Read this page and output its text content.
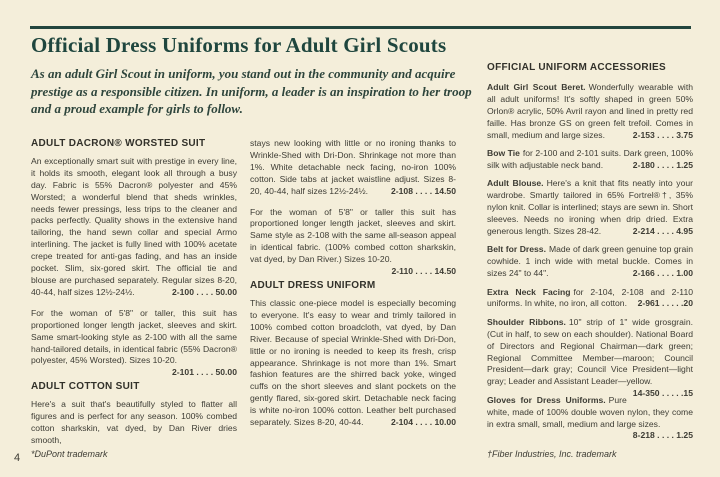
Official Dress Uniforms for Adult Girl Scouts

As an adult Girl Scout in uniform, you stand out in the community and acquire prestige as a responsible citizen. In uniform, a leader is an inspiration to her troop and a proud example for girls to follow.

ADULT DACRON® WORSTED SUIT

An exceptionally smart suit with prestige in every line, it holds its smooth, elegant look all through a busy day. Fabric is 55% Dacron® polyester and 45% Worsted; a wonderful blend that sheds wrinkles, needs fewer pressings, less trips to the cleaner and packs perfectly. Quality shows in the extensive hand tailoring, the hand sewn collar and special Armo interlining. The jacket is fully lined with 100% acetate crepe treated for anti-gas fading, and has an inside pocket. Slim, six-gored skirt. The official tie and blouse are purchased separately. Regular sizes 8-20, 40-44, half sizes 12½-24½.	2-100 . . . . 50.00

For the woman of 5'8" or taller, this suit has proportioned longer length jacket, sleeves and skirt. Same smart-looking style as 2-100 with all the same hand-tailored details, in identical fabric (55% Dacron® polyester, 45% Worsted). Sizes 10-20.
2-101 . . . . 50.00

ADULT COTTON SUIT

Here's a suit that's beautifully styled to flatter all figures and is perfect for any season. 100% combed cotton sharkskin, vat dyed, by Dan River dries smooth,

stays new looking with little or no ironing thanks to Wrinkle-Shed with Dri-Don. Shrinkage not more than 1%. White detachable neck facing, no-iron 100% cotton. Side tabs at jacket waistline adjust. Sizes 8-20, 40-44, half sizes 12½-24½.	2-108 . . . . 14.50

For the woman of 5'8" or taller this suit has proportioned longer length jacket, sleeves and skirt. Same style as 2-108 with the same all-season appeal in identical fabric. (100% combed cotton sharkskin, vat dyed, by Dan River.) Sizes 10-20.
2-110 . . . . 14.50

ADULT DRESS UNIFORM

This classic one-piece model is especially becoming to everyone. It's easy to wear and trimly tailored in 100% combed cotton broadcloth, vat dyed, by Dan River. Because of special Wrinkle-Shed with Dri-Don, little or no ironing is needed to keep its fresh, crisp appearance. Shrinkage is not more than 1%. Smart fashion features are the shirred back yoke, winged cuffs on the short sleeves and slant pockets on the gently flared, six-gored skirt. Detachable neck facing is white no-iron 100% cotton. Leather belt purchased separately. Sizes 8-20, 40-44.	2-104 . . . . 10.00

OFFICIAL UNIFORM ACCESSORIES
Adult Girl Scout Beret. Wonderfully wearable with all adult uniforms! It's softly shaped in green 50% Orlon® acrylic, 50% Avril rayon and lined in pretty red faille. Has bronze GS on green felt trefoil. Comes in small, medium and large sizes.	2-153 . . . . 3.75
Bow Tie for 2-100 and 2-101 suits. Dark green, 100% silk with adjustable neck band.	2-180 . . . . 1.25
Adult Blouse. Here's a knit that fits neatly into your wardrobe. Smartly tailored in 65% Fortrel®†, 35% nylon knit. Collar is interlined; stays are sewn in. Short sleeves. Needs no ironing when drip dried. Extra generous length. Sizes 28-42.	2-214 . . . . 4.95
Belt for Dress. Made of dark green genuine top grain cowhide. 1 inch wide with metal buckle. Comes in sizes 24" to 44".	2-166 . . . . 1.00
Extra Neck Facing for 2-104, 2-108 and 2-110 uniforms. In white, no iron, all cotton.	2-961 . . . . .20
Shoulder Ribbons. 10" strip of 1" wide grosgrain. (Cut in half, to sew on each shoulder). National Board of Directors and Regional Chairman—dark green; Regional Committee Member—maroon; Council President—dark gray; Council Vice President—light gray; Leader and Assistant Leader—yellow.
14-350 . . . . .15
Gloves for Dress Uniforms. Pure white, made of 100% double woven nylon, they come in extra small, small, medium and large sizes.
8-218 . . . . 1.25

*DuPont trademark	†Fiber Industries, Inc. trademark

4
